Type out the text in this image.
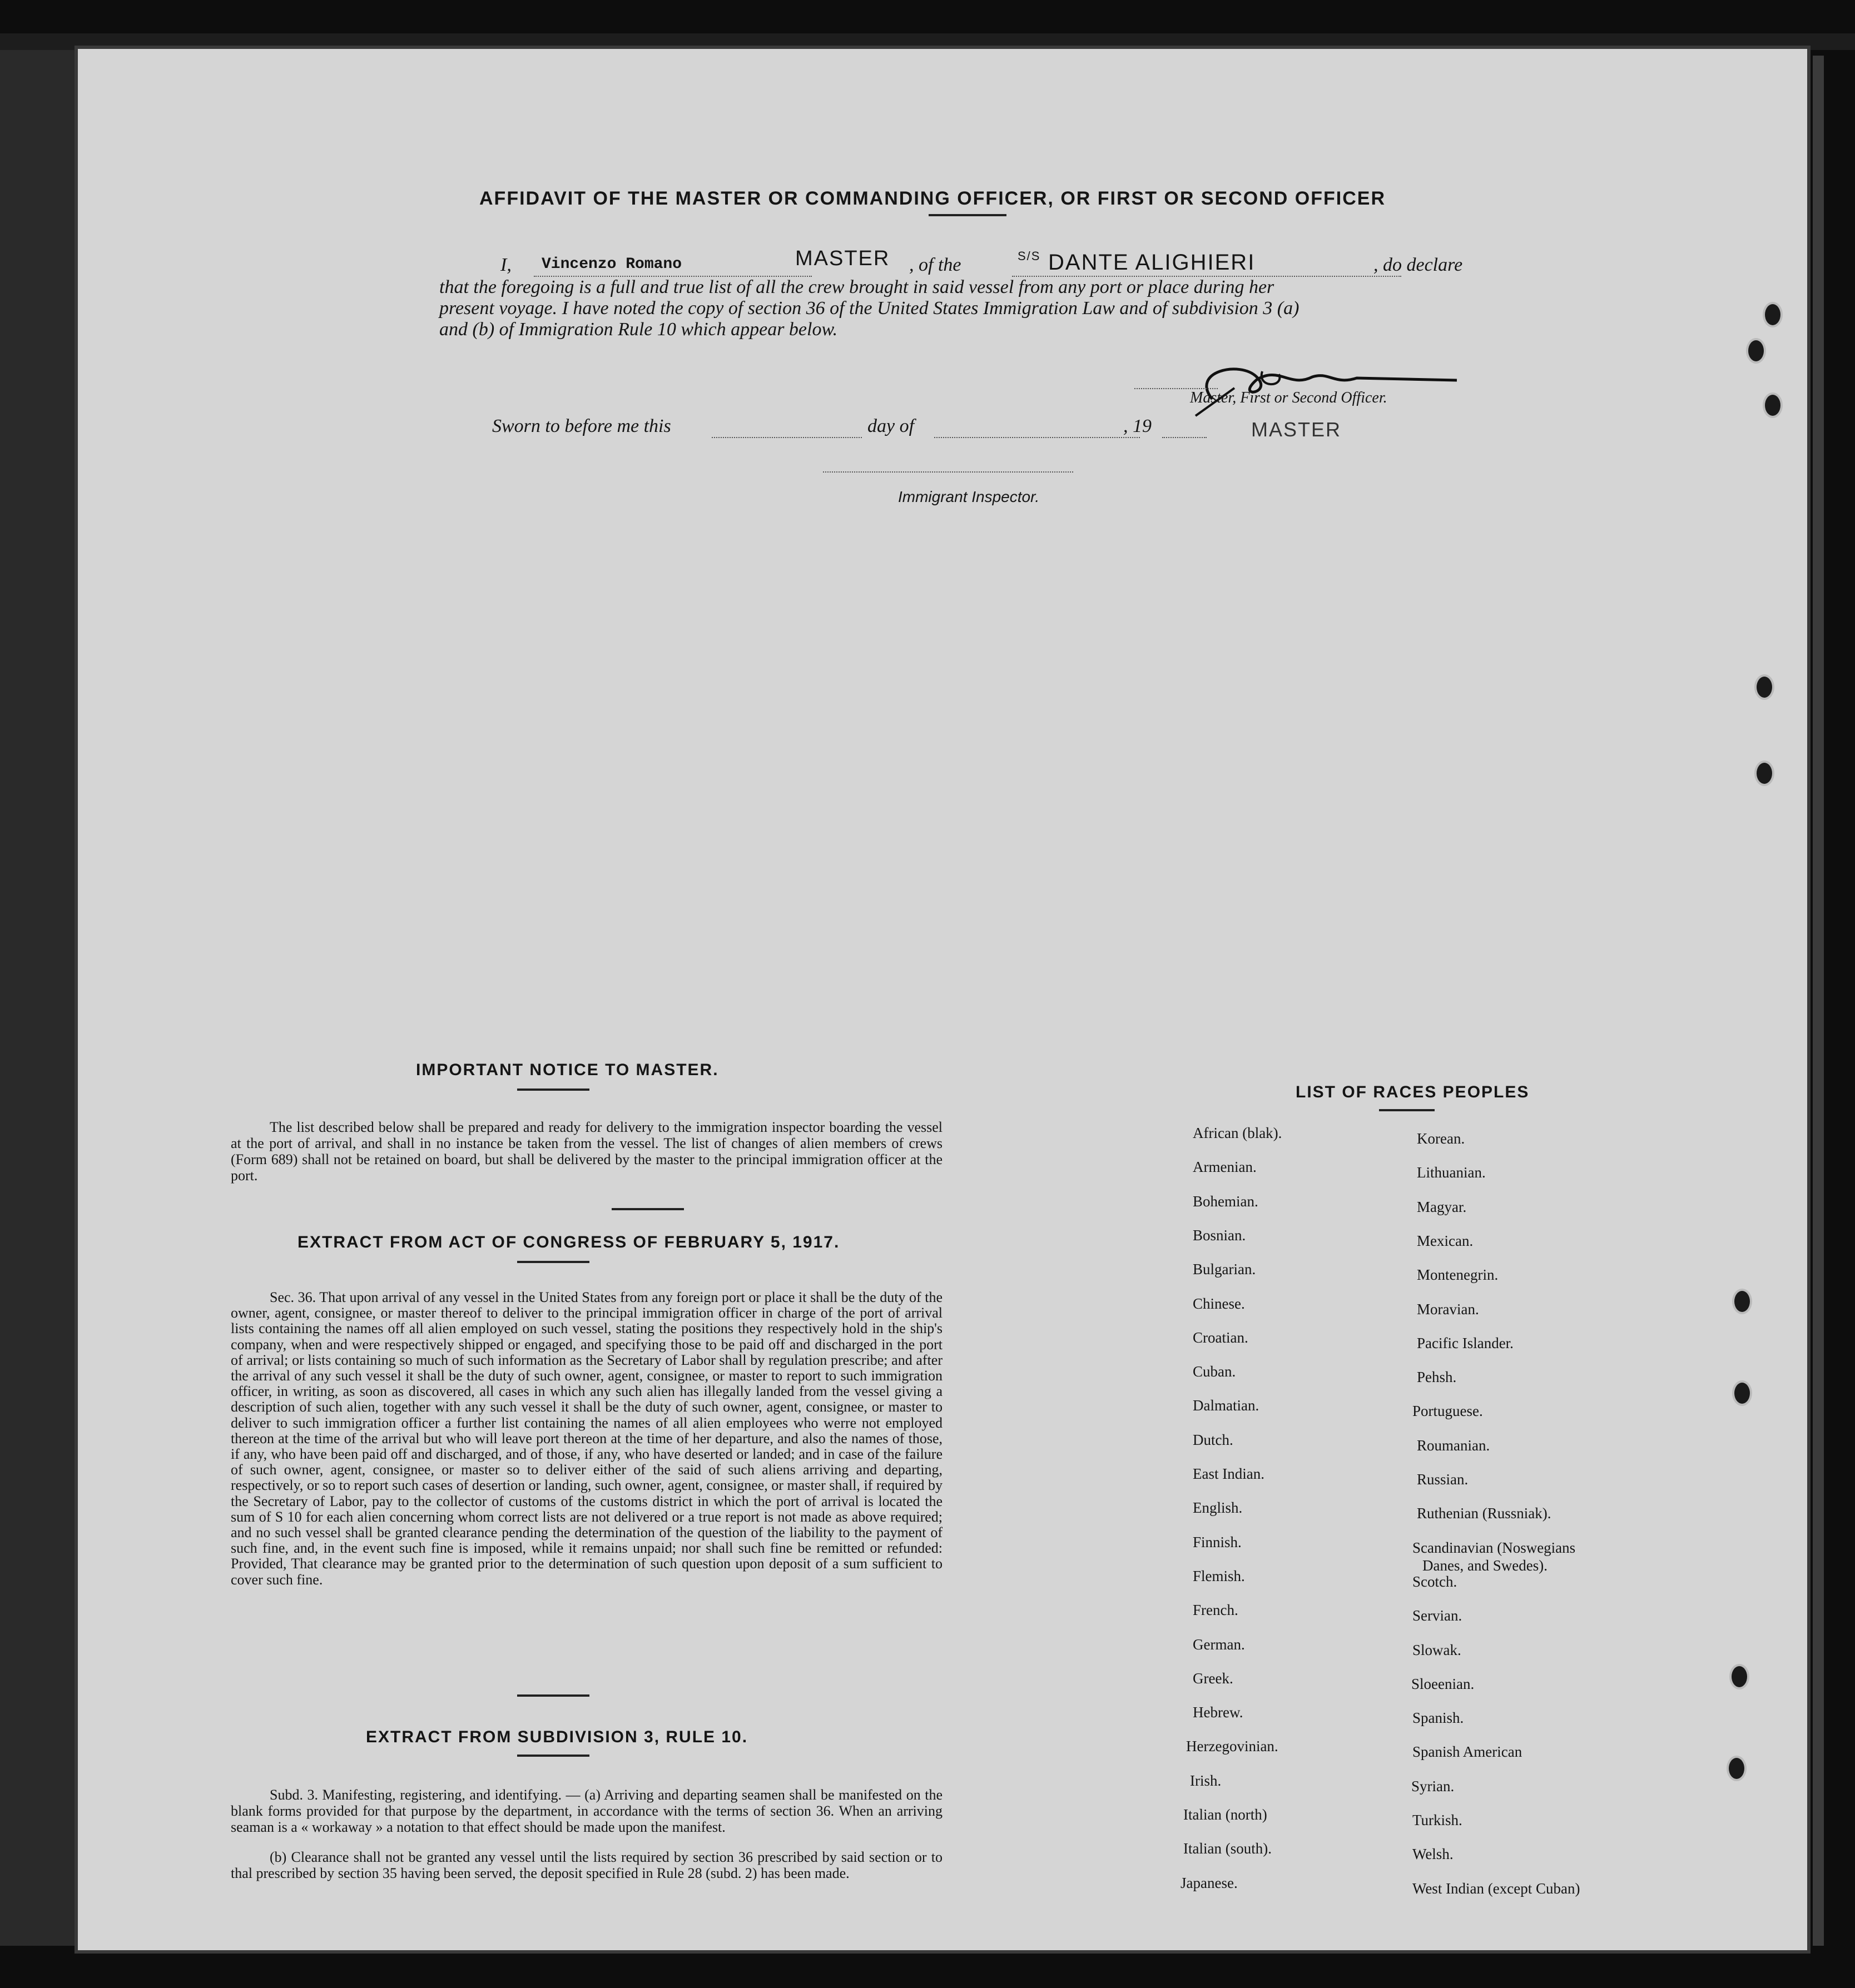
AFFIDAVIT OF THE MASTER OR COMMANDING OFFICER, OR FIRST OR SECOND OFFICER
I, Vincenzo Romano	MASTER , of the	S/S DANTE ALIGHIERI	, do declare
that the foregoing is a full and true list of all the crew brought in said vessel from any port or place during her
present voyage. I have noted the copy of section 36 of the United States Immigration Law and of subdivision 3 (a)
and (b) of Immigration Rule 10 which appear below.
Master, First or Second Officer.
Sworn to before me this	day of	, 19	MASTER
Immigrant Inspector.
IMPORTANT NOTICE TO MASTER.
The list described below shall be prepared and ready for delivery to the immigration inspector boarding the vessel at the port of arrival, and shall in no instance be taken from the vessel. The list of changes of alien members of crews (Form 689) shall not be retained on board, but shall be delivered by the master to the principal immigration officer at the port.
EXTRACT FROM ACT OF CONGRESS OF FEBRUARY 5, 1917.
Sec. 36. That upon arrival of any vessel in the United States from any foreign port or place it shall be the duty of the owner, agent, consignee, or master thereof to deliver to the principal immigration officer in charge of the port of arrival lists containing the names off all alien employed on such vessel, stating the positions they respectively hold in the ship's company, when and were respectively shipped or engaged, and specifying those to be paid off and discharged in the port of arrival; or lists containing so much of such information as the Secretary of Labor shall by regulation prescribe; and after the arrival of any such vessel it shall be the duty of such owner, agent, consignee, or master to report to such immigration officer, in writing, as soon as discovered, all cases in which any such alien has illegally landed from the vessel giving a description of such alien, together with any such vessel it shall be the duty of such owner, agent, consignee, or master to deliver to such immigration officer a further list containing the names of all alien employees who werre not employed thereon at the time of the arrival but who will leave port thereon at the time of her departure, and also the names of those, if any, who have been paid off and discharged, and of those, if any, who have deserted or landed; and in case of the failure of such owner, agent, consignee, or master so to deliver either of the said of such aliens arriving and departing, respectively, or so to report such cases of desertion or landing, such owner, agent, consignee, or master shall, if required by the Secretary of Labor, pay to the collector of customs of the customs district in which the port of arrival is located the sum of S 10 for each alien concerning whom correct lists are not delivered or a true report is not made as above required; and no such vessel shall be granted clearance pending the determination of the question of the liability to the payment of such fine, and, in the event such fine is imposed, while it remains unpaid; nor shall such fine be remitted or refunded: Provided, That clearance may be granted prior to the determination of such question upon deposit of a sum sufficient to cover such fine.
EXTRACT FROM SUBDIVISION 3, RULE 10.
Subd. 3. Manifesting, registering, and identifying. — (a) Arriving and departing seamen shall be manifested on the blank forms provided for that purpose by the department, in accordance with the terms of section 36. When an arriving seaman is a « workaway » a notation to that effect should be made upon the manifest.
(b) Clearance shall not be granted any vessel until the lists required by section 36 prescribed by said section or to thal prescribed by section 35 having been served, the deposit specified in Rule 28 (subd. 2) has been made.
LIST OF RACES PEOPLES
African (blak).
Armenian.
Bohemian.
Bosnian.
Bulgarian.
Chinese.
Croatian.
Cuban.
Dalmatian.
Dutch.
East Indian.
English.
Finnish.
Flemish.
French.
German.
Greek.
Hebrew.
Herzegovinian.
Irish.
Italian (north)
Italian (south).
Japanese.
Korean.
Lithuanian.
Magyar.
Mexican.
Montenegrin.
Moravian.
Pacific Islander.
Pehsh.
Portuguese.
Roumanian.
Russian.
Ruthenian (Russniak).
Scandinavian (Noswegians
Danes, and Swedes).
Scotch.
Servian.
Slowak.
Sloeenian.
Spanish.
Spanish American
Syrian.
Turkish.
Welsh.
West Indian (except Cuban)
